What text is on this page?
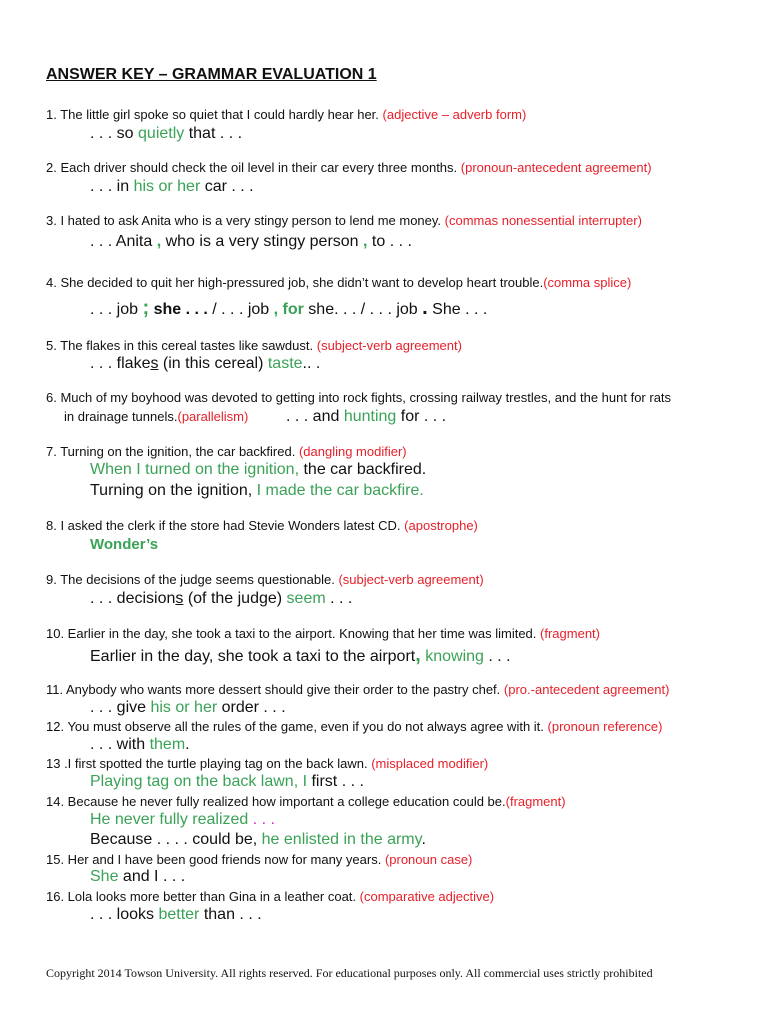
ANSWER KEY – GRAMMAR EVALUATION 1
1. The little girl spoke so quiet that I could hardly hear her. (adjective – adverb form)
. . . so quietly that . . .
2. Each driver should check the oil level in their car every three months. (pronoun-antecedent agreement)
. . . in his or her car . . .
3. I hated to ask Anita who is a very stingy person to lend me money. (commas nonessential interrupter)
. . . Anita , who is a very stingy person , to . . .
4. She decided to quit her high-pressured job, she didn’t want to develop heart trouble.(comma splice)
. . . job ; she . . . / . . . job , for she. . . / . . . job . She . . .
5. The flakes in this cereal tastes like sawdust. (subject-verb agreement)
. . . flakes (in this cereal) taste.. .
6. Much of my boyhood was devoted to getting into rock fights, crossing railway trestles, and the hunt for rats
in drainage tunnels.(parallelism) . . . and hunting for . . .
7. Turning on the ignition, the car backfired. (dangling modifier)
When I turned on the ignition, the car backfired.
Turning on the ignition, I made the car backfire.
8. I asked the clerk if the store had Stevie Wonders latest CD. (apostrophe)
Wonder’s
9. The decisions of the judge seems questionable. (subject-verb agreement)
. . . decisions (of the judge) seem . . .
10. Earlier in the day, she took a taxi to the airport. Knowing that her time was limited. (fragment)
Earlier in the day, she took a taxi to the airport, knowing . . .
11. Anybody who wants more dessert should give their order to the pastry chef. (pro.-antecedent agreement)
. . . give his or her order . . .
12. You must observe all the rules of the game, even if you do not always agree with it. (pronoun reference)
. . . with them.
13 .I first spotted the turtle playing tag on the back lawn. (misplaced modifier)
Playing tag on the back lawn, I first . . .
14. Because he never fully realized how important a college education could be.(fragment)
He never fully realized . . .
Because . . . . could be, he enlisted in the army.
15. Her and I have been good friends now for many years. (pronoun case)
She and I . . .
16. Lola looks more better than Gina in a leather coat. (comparative adjective)
. . . looks better than . . .
Copyright 2014 Towson University. All rights reserved. For educational purposes only. All commercial uses strictly prohibited
